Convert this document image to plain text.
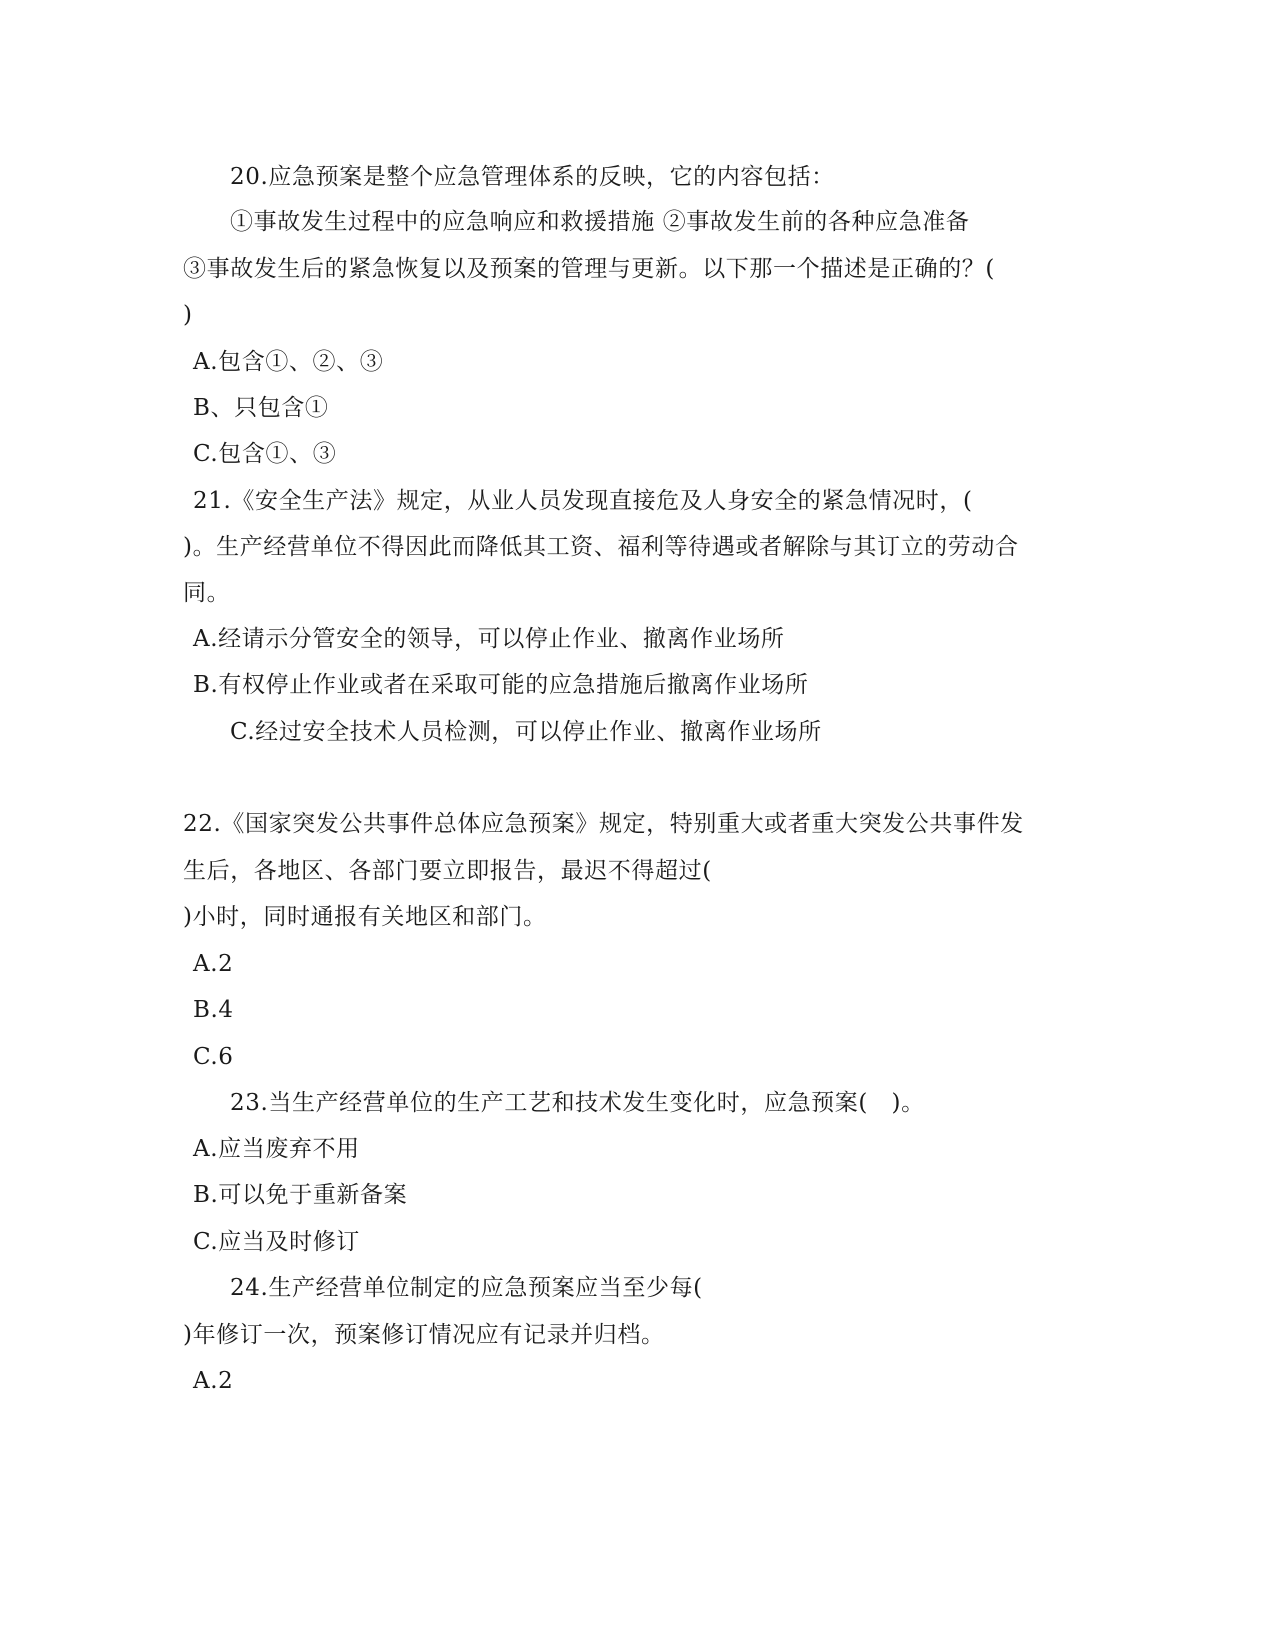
20.应急预案是整个应急管理体系的反映，它的内容包括：
①事故发生过程中的应急响应和救援措施 ②事故发生前的各种应急准备
③事故发生后的紧急恢复以及预案的管理与更新。以下那一个描述是正确的？(
)
A.包含①、②、③
B、只包含①
C.包含①、③
21.《安全生产法》规定，从业人员发现直接危及人身安全的紧急情况时，(
)。生产经营单位不得因此而降低其工资、福利等待遇或者解除与其订立的劳动合
同。
A.经请示分管安全的领导，可以停止作业、撤离作业场所
B.有权停止作业或者在采取可能的应急措施后撤离作业场所
C.经过安全技术人员检测，可以停止作业、撤离作业场所
22.《国家突发公共事件总体应急预案》规定，特别重大或者重大突发公共事件发
生后，各地区、各部门要立即报告，最迟不得超过(
)小时，同时通报有关地区和部门。
A.2
B.4
C.6
23.当生产经营单位的生产工艺和技术发生变化时，应急预案(　)。
A.应当废弃不用
B.可以免于重新备案
C.应当及时修订
24.生产经营单位制定的应急预案应当至少每(
)年修订一次，预案修订情况应有记录并归档。
A.2
